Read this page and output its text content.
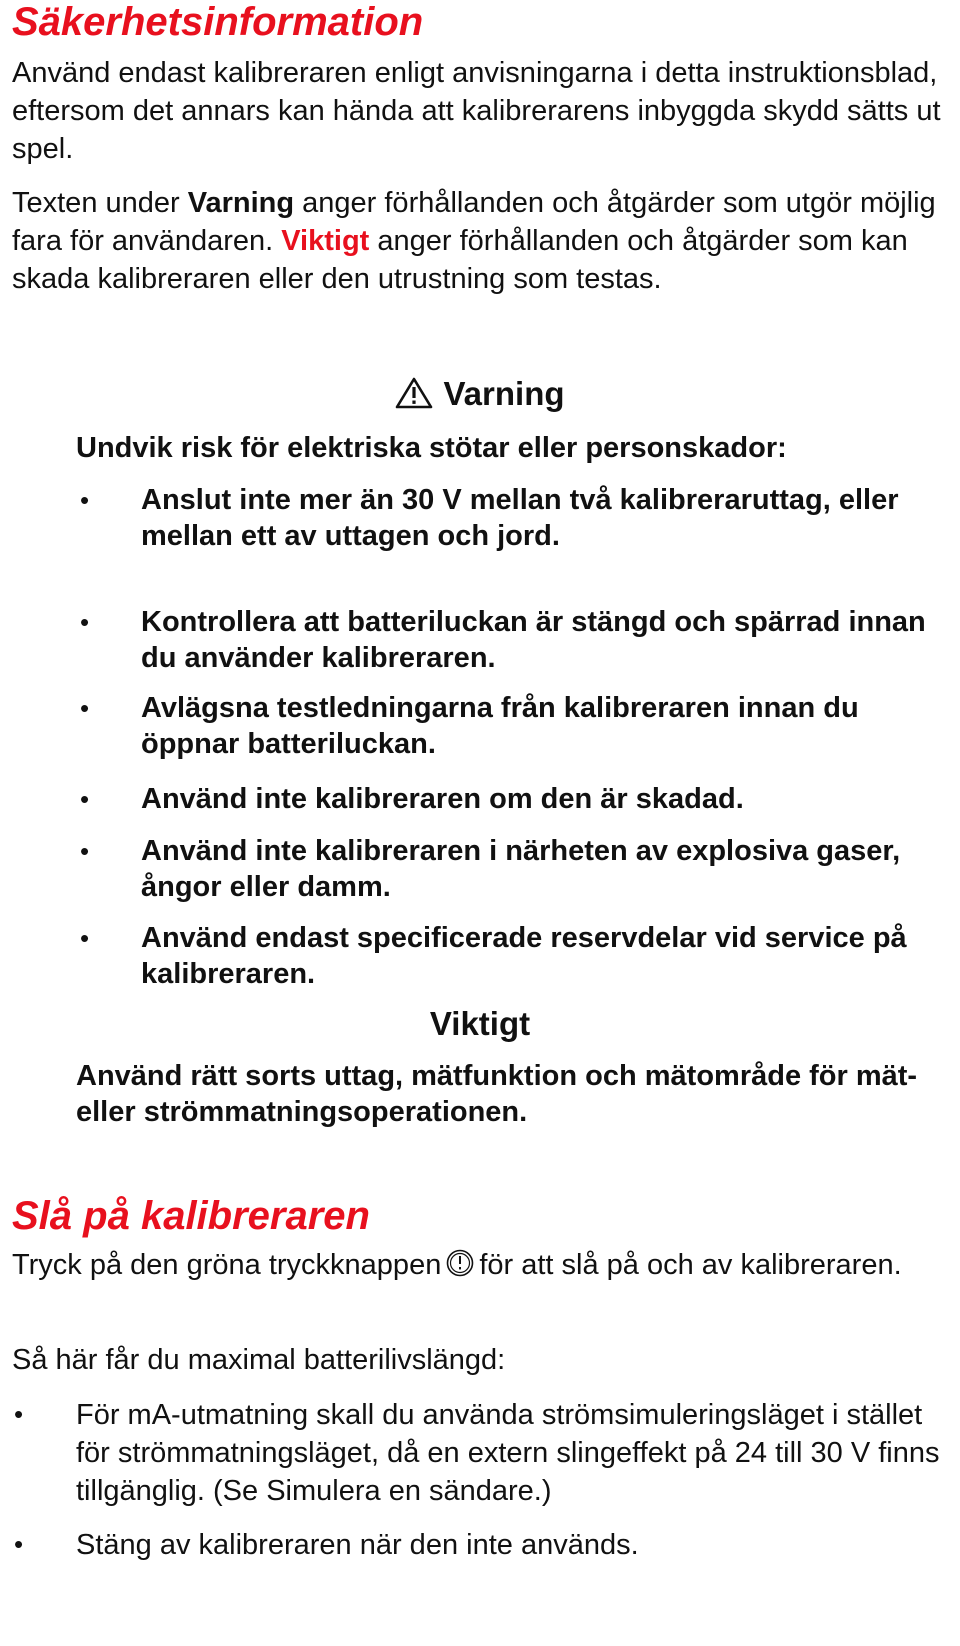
Säkerhetsinformation

Använd endast kalibreraren enligt anvisningarna i detta instruktionsblad, eftersom det annars kan hända att kalibrerarens inbyggda skydd sätts ut spel.

Texten under Varning anger förhållanden och åtgärder som utgör möjlig fara för användaren. Viktigt anger förhållanden och åtgärder som kan skada kalibreraren eller den utrustning som testas.

Varning

Undvik risk för elektriska stötar eller personskador:

• Anslut inte mer än 30 V mellan två kalibreraruttag, eller mellan ett av uttagen och jord.

• Kontrollera att batteriluckan är stängd och spärrad innan du använder kalibreraren.

• Avlägsna testledningarna från kalibreraren innan du öppnar batteriluckan.

• Använd inte kalibreraren om den är skadad.

• Använd inte kalibreraren i närheten av explosiva gaser, ångor eller damm.

• Använd endast specificerade reservdelar vid service på kalibreraren.

Viktigt

Använd rätt sorts uttag, mätfunktion och mätområde för mät- eller strömmatningsoperationen.

Slå på kalibreraren

Tryck på den gröna tryckknappen för att slå på och av kalibreraren.

Så här får du maximal batterilivslängd:

• För mA-utmatning skall du använda strömsimuleringsläget i stället för strömmatningsläget, då en extern slingeffekt på 24 till 30 V finns tillgänglig. (Se Simulera en sändare.)

• Stäng av kalibreraren när den inte används.
